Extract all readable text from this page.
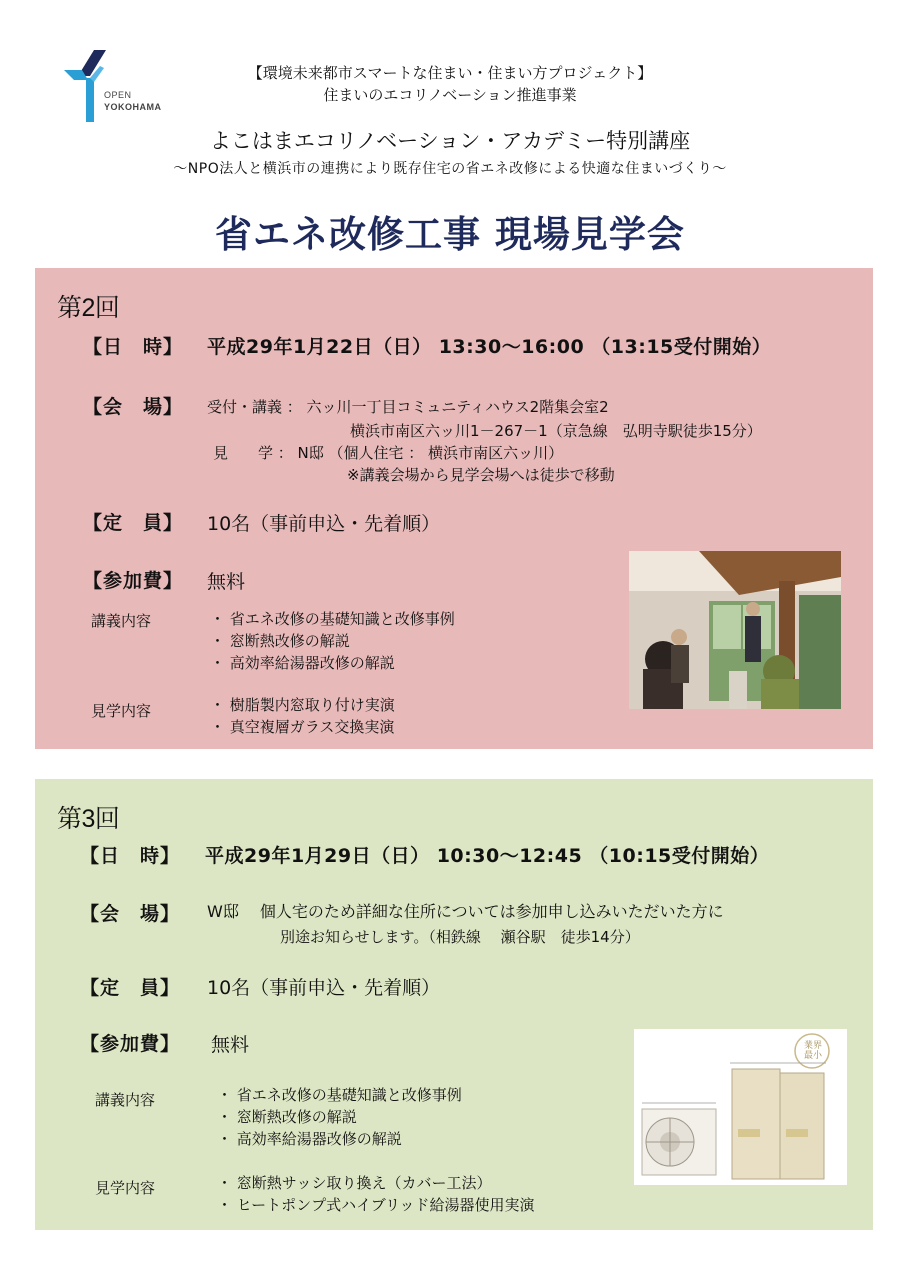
OPEN
YOKOHAMA
【環境未来都市スマートな住まい・住まい方プロジェクト】
住まいのエコリノベーション推進事業
よこはまエコリノベーション・アカデミー特別講座
～NPO法人と横浜市の連携により既存住宅の省エネ改修による快適な住まいづくり～
省エネ改修工事 現場見学会
第2回
【日　時】 平成29年1月22日（日） 13:30～16:00 （13:15受付開始）
【会　場】 受付・講義 ： 六ッ川一丁目コミュニティハウス2階集会室2
横浜市南区六ッ川1－267－1（京急線　弘明寺駅徒歩15分）
見　　学 ： N邸 （個人住宅 ： 横浜市南区六ッ川）
※講義会場から見学会場へは徒歩で移動
【定　員】 10名（事前申込・先着順）
【参加費】 無料
講義内容	・ 省エネ改修の基礎知識と改修事例
・ 窓断熱改修の解説
・ 高効率給湯器改修の解説
見学内容	・ 樹脂製内窓取り付け実演
・ 真空複層ガラス交換実演
第3回
【日　時】 平成29年1月29日（日） 10:30～12:45 （10:15受付開始）
【会　場】 W邸　 個人宅のため詳細な住所については参加申し込みいただいた方に
別途お知らせします。（相鉄線　 瀬谷駅　徒歩14分）
【定　員】 10名（事前申込・先着順）
【参加費】 無料
講義内容	・ 省エネ改修の基礎知識と改修事例
・ 窓断熱改修の解説
・ 高効率給湯器改修の解説
見学内容	・ 窓断熱サッシ取り換え（カバー工法）
・ ヒートポンプ式ハイブリッド給湯器使用実演
業界最小
